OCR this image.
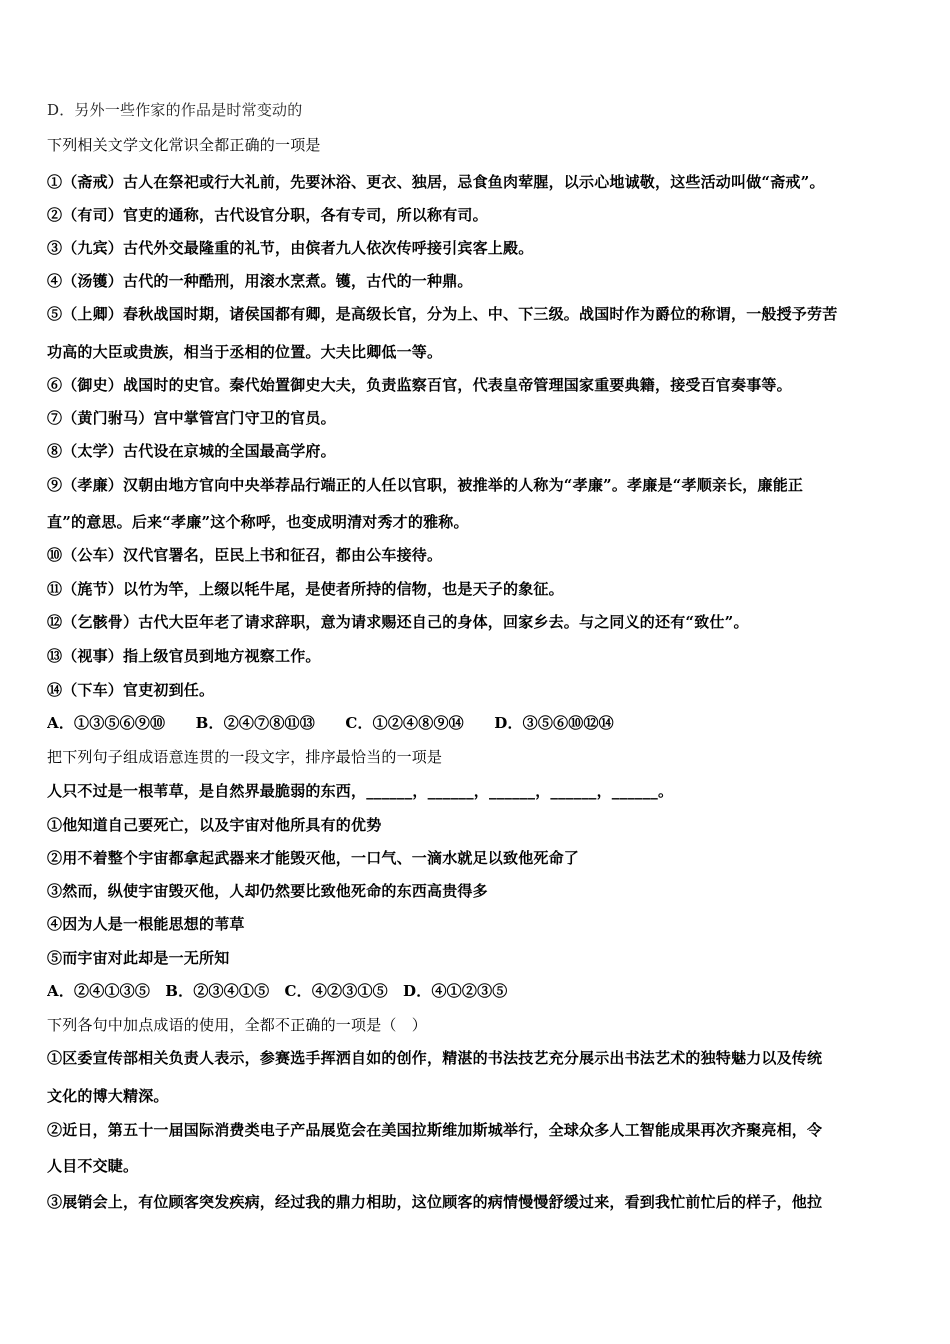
D．另外一些作家的作品是时常变动的
下列相关文学文化常识全都正确的一项是
①（斋戒）古人在祭祀或行大礼前，先要沐浴、更衣、独居，忌食鱼肉荤腥，以示心地诚敬，这些活动叫做“斋戒”。
②（有司）官吏的通称，古代设官分职，各有专司，所以称有司。
③（九宾）古代外交最隆重的礼节，由傧者九人依次传呼接引宾客上殿。
④（汤镬）古代的一种酷刑，用滚水烹煮。镬，古代的一种鼎。
⑤（上卿）春秋战国时期，诸侯国都有卿，是高级长官，分为上、中、下三级。战国时作为爵位的称谓，一般授予劳苦
功高的大臣或贵族，相当于丞相的位置。大夫比卿低一等。
⑥（御史）战国时的史官。秦代始置御史大夫，负责监察百官，代表皇帝管理国家重要典籍，接受百官奏事等。
⑦（黄门驸马）宫中掌管宫门守卫的官员。
⑧（太学）古代设在京城的全国最高学府。
⑨（孝廉）汉朝由地方官向中央举荐品行端正的人任以官职，被推举的人称为“孝廉”。孝廉是“孝顺亲长，廉能正
直”的意思。后来“孝廉”这个称呼，也变成明清对秀才的雅称。
⑩（公车）汉代官署名，臣民上书和征召，都由公车接待。
⑪（旄节）以竹为竿，上缀以牦牛尾，是使者所持的信物，也是天子的象征。
⑫（乞骸骨）古代大臣年老了请求辞职，意为请求赐还自己的身体，回家乡去。与之同义的还有“致仕”。
⑬（视事）指上级官员到地方视察工作。
⑭（下车）官吏初到任。
A．①③⑤⑥⑨⑩　　B．②④⑦⑧⑪⑬　　C．①②④⑧⑨⑭　　D．③⑤⑥⑩⑫⑭
把下列句子组成语意连贯的一段文字，排序最恰当的一项是
人只不过是一根苇草，是自然界最脆弱的东西，______，______，______，______，______。
①他知道自己要死亡，以及宇宙对他所具有的优势
②用不着整个宇宙都拿起武器来才能毁灭他，一口气、一滴水就足以致他死命了
③然而，纵使宇宙毁灭他，人却仍然要比致他死命的东西高贵得多
④因为人是一根能思想的苇草
⑤而宇宙对此却是一无所知
A．②④①③⑤　B．②③④①⑤　C．④②③①⑤　D．④①②③⑤
下列各句中加点成语的使用，全都不正确的一项是（　）
①区委宣传部相关负责人表示，参赛选手挥洒自如的创作，精湛的书法技艺充分展示出书法艺术的独特魅力以及传统
文化的博大精深。
②近日，第五十一届国际消费类电子产品展览会在美国拉斯维加斯城举行，全球众多人工智能成果再次齐聚亮相，令
人目不交睫。
③展销会上，有位顾客突发疾病，经过我的鼎力相助，这位顾客的病情慢慢舒缓过来，看到我忙前忙后的样子，他拉
